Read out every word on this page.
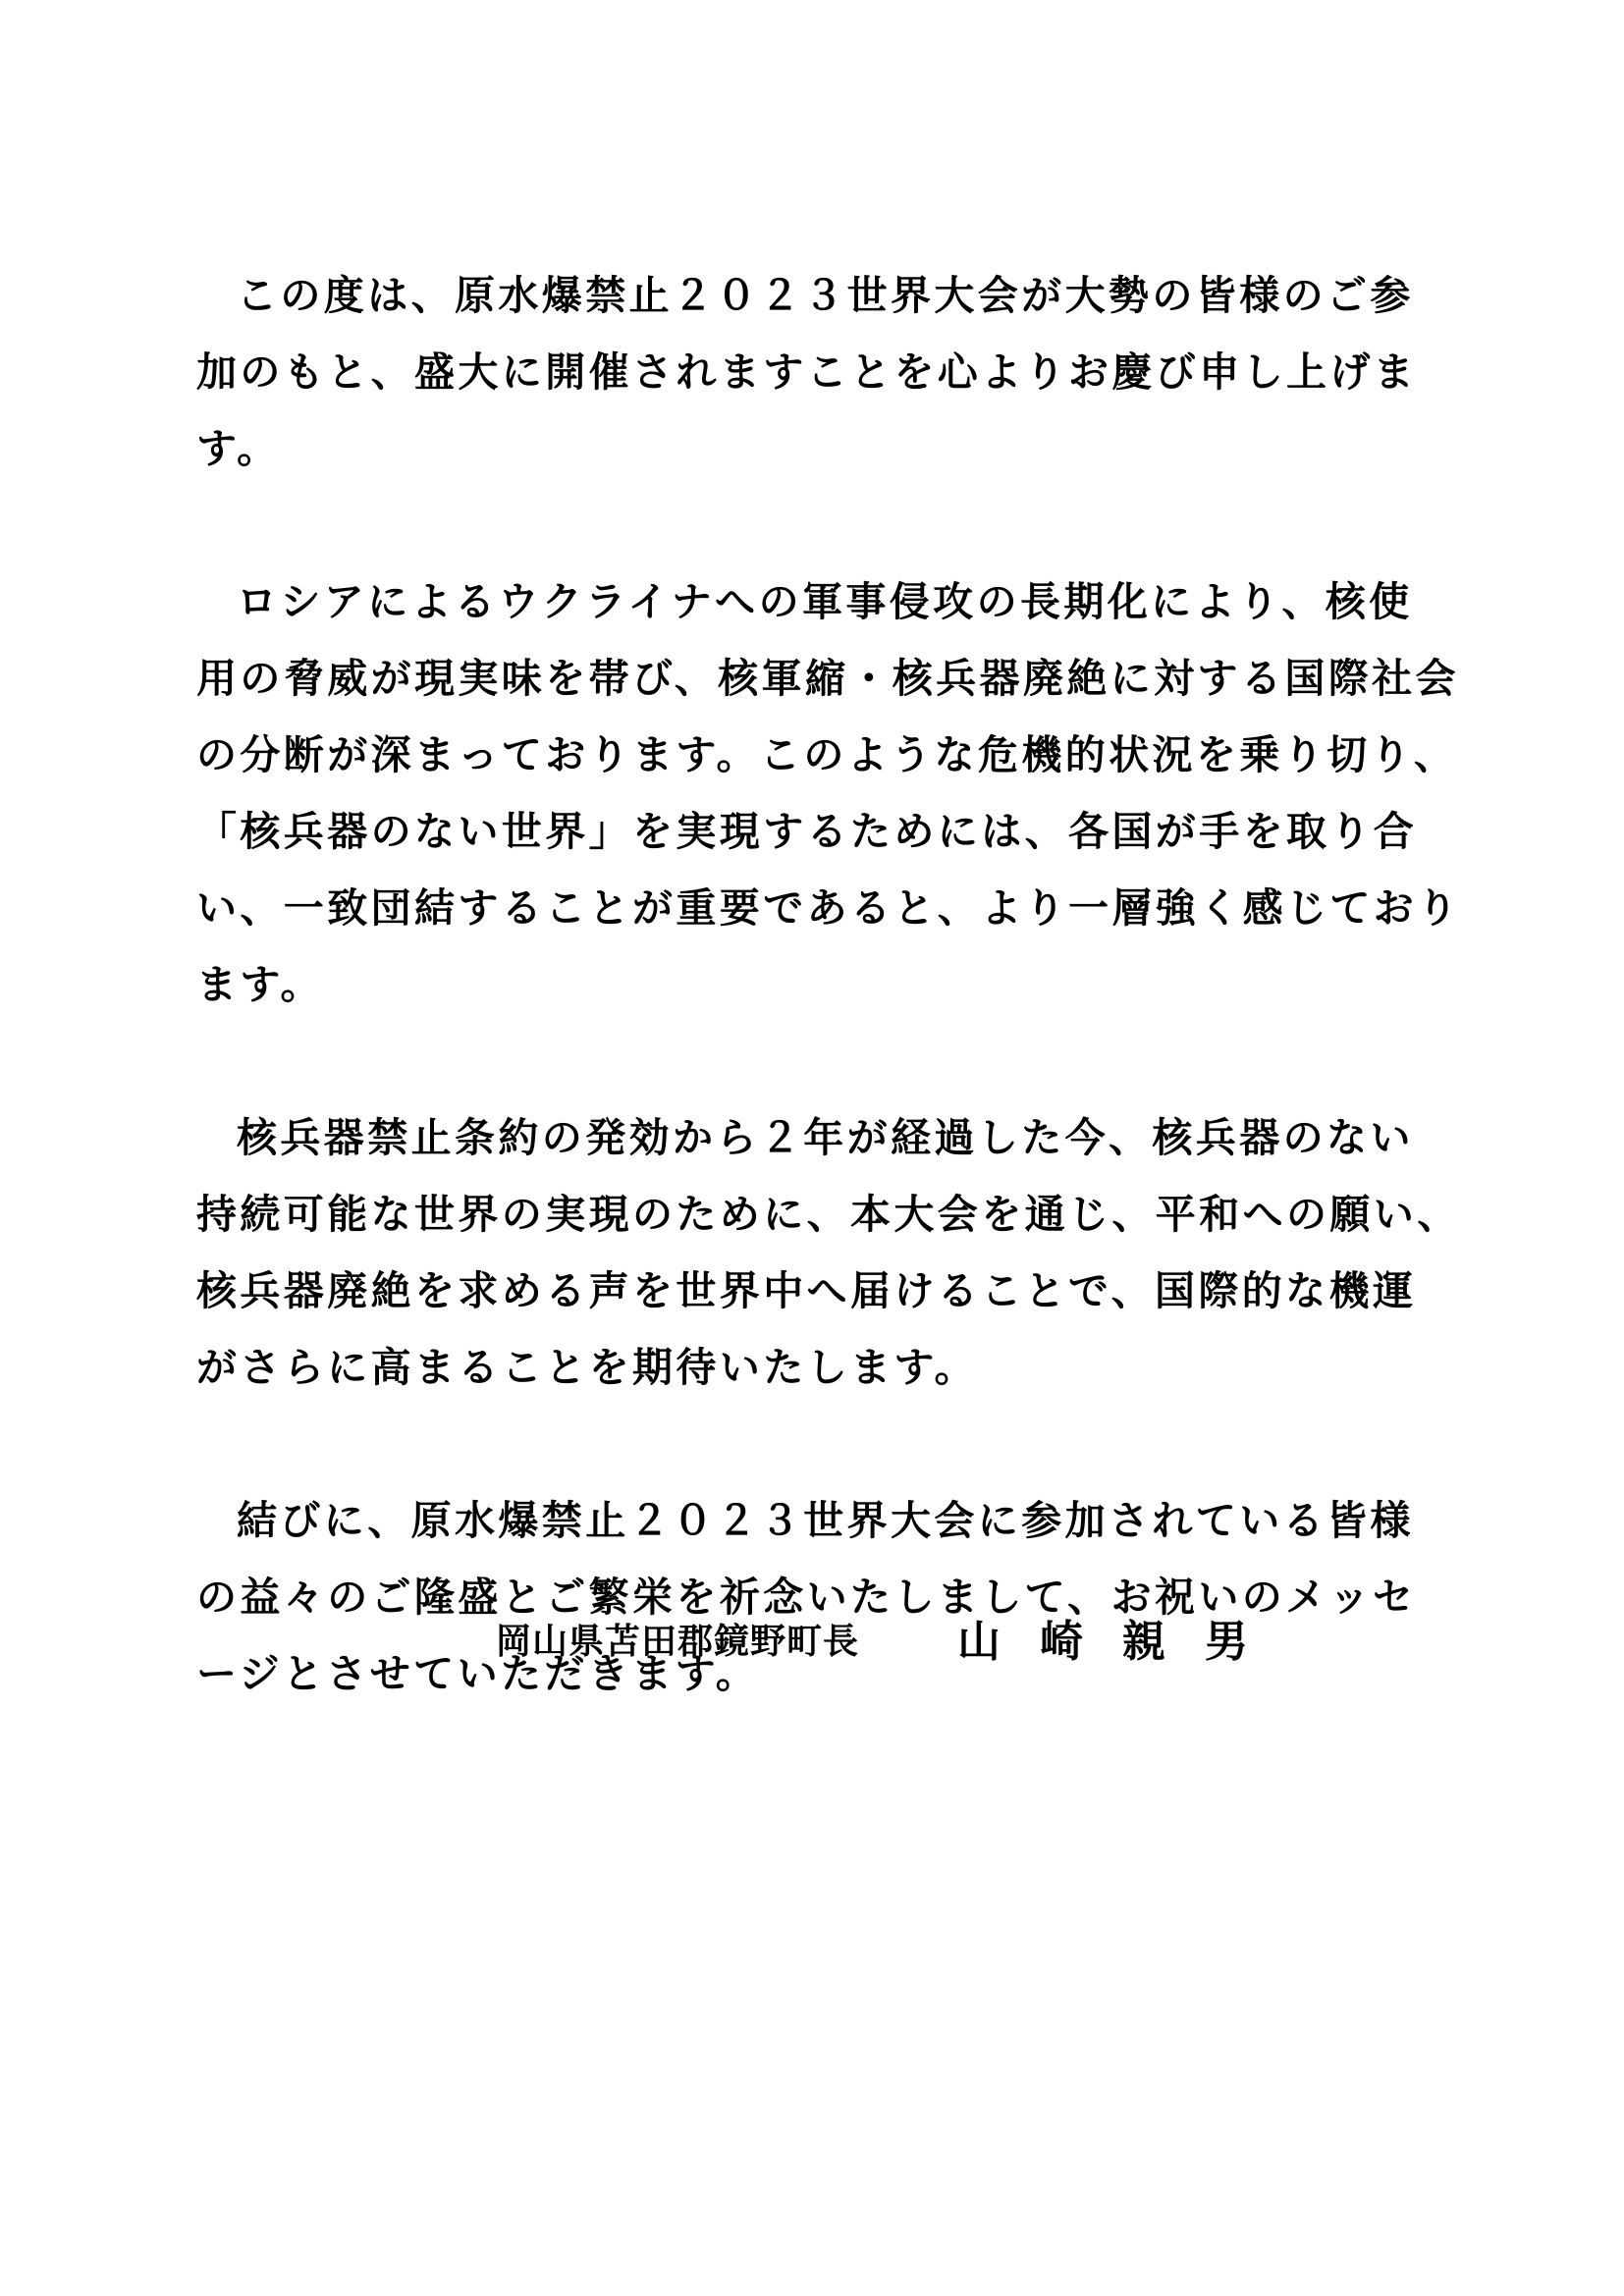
この度は、原水爆禁止２０２３世界大会が大勢の皆様のご参
加のもと、盛大に開催されますことを心よりお慶び申し上げま
す。

ロシアによるウクライナへの軍事侵攻の長期化により、核使
用の脅威が現実味を帯び、核軍縮・核兵器廃絶に対する国際社会
の分断が深まっております。このような危機的状況を乗り切り、
「核兵器のない世界」を実現するためには、各国が手を取り合
い、一致団結することが重要であると、より一層強く感じており
ます。

核兵器禁止条約の発効から２年が経過した今、核兵器のない
持続可能な世界の実現のために、本大会を通じ、平和への願い、
核兵器廃絶を求める声を世界中へ届けることで、国際的な機運
がさらに高まることを期待いたします。

結びに、原水爆禁止２０２３世界大会に参加されている皆様
の益々のご隆盛とご繁栄を祈念いたしまして、お祝いのメッセ
ージとさせていただきます。

岡山県苫田郡鏡野町長 山崎親男
